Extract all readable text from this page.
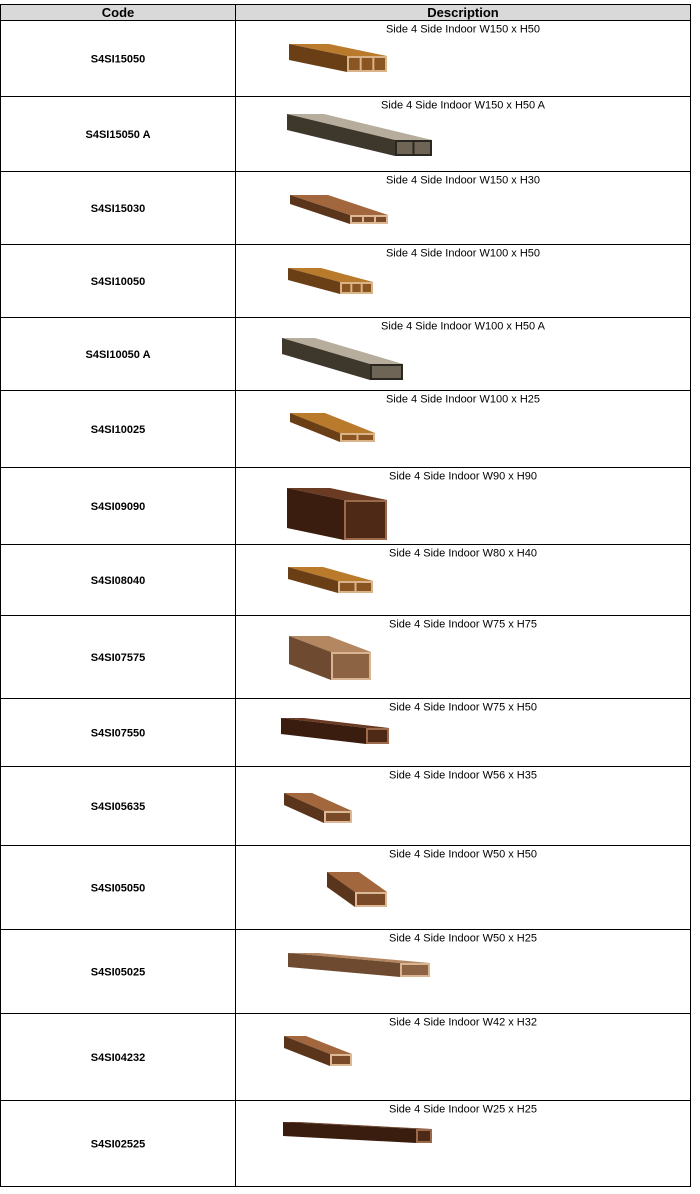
Code	Description
S4SI15050
Side 4 Side Indoor W150 x H50
S4SI15050 A
Side 4 Side Indoor W150 x H50 A
S4SI15030
Side 4 Side Indoor W150 x H30
S4SI10050
Side 4 Side Indoor W100 x H50
S4SI10050 A
Side 4 Side Indoor W100 x H50 A
S4SI10025
Side 4 Side Indoor W100 x H25
S4SI09090
Side 4 Side Indoor W90 x H90
S4SI08040
Side 4 Side Indoor W80 x H40
S4SI07575
Side 4 Side Indoor W75 x H75
S4SI07550
Side 4 Side Indoor W75 x H50
S4SI05635
Side 4 Side Indoor W56 x H35
S4SI05050
Side 4 Side Indoor W50 x H50
S4SI05025
Side 4 Side Indoor W50 x H25
S4SI04232
Side 4 Side Indoor W42 x H32
S4SI02525
Side 4 Side Indoor W25 x H25
